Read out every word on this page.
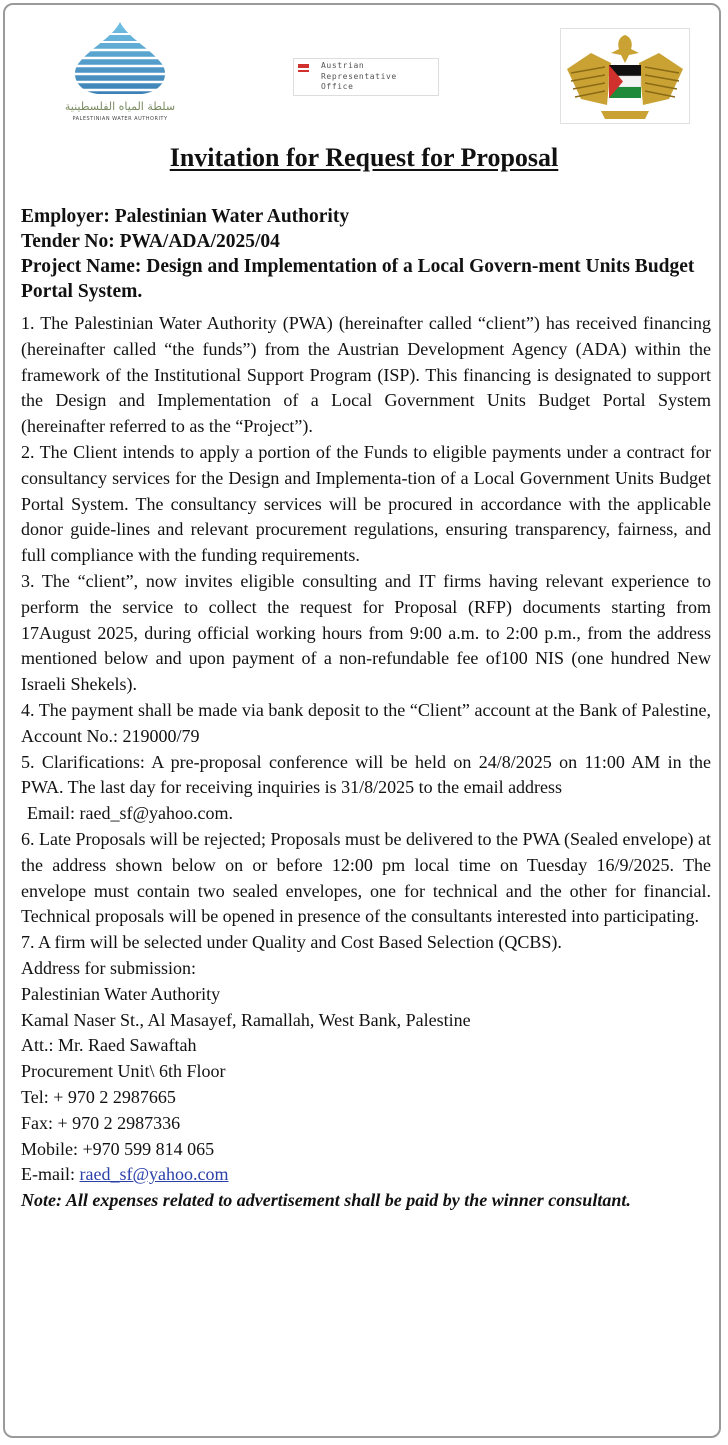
سلطة المياه الفلسطينية
PALESTINIAN WATER AUTHORITY
Austrian
Representative
Office
Invitation for Request for Proposal
Employer: Palestinian Water Authority
Tender No: PWA/ADA/2025/04
Project Name: Design and Implementation of a Local Govern-ment Units Budget Portal System.

1. The Palestinian Water Authority (PWA) (hereinafter called “client”) has received financing (hereinafter called “the funds”) from the Austrian Development Agency (ADA) within the framework of the Institutional Support Program (ISP). This financing is designated to support the Design and Implementation of a Local Government Units Budget Portal System (hereinafter referred to as the “Project”).

2. The Client intends to apply a portion of the Funds to eligible payments under a contract for consultancy services for the Design and Implementa-tion of a Local Government Units Budget Portal System. The consultancy services will be procured in accordance with the applicable donor guide-lines and relevant procurement regulations, ensuring transparency, fairness, and full compliance with the funding requirements.

3. The “client”, now invites eligible consulting and IT firms having relevant experience to perform the service to collect the request for Proposal (RFP) documents starting from 17August 2025, during official working hours from 9:00 a.m. to 2:00 p.m., from the address mentioned below and upon payment of a non-refundable fee of100 NIS (one hundred New Israeli Shekels).

4. The payment shall be made via bank deposit to the “Client” account at the Bank of Palestine, Account No.: 219000/79

5. Clarifications: A pre-proposal conference will be held on 24/8/2025 on 11:00 AM in the PWA. The last day for receiving inquiries is 31/8/2025 to the email address

Email: raed_sf@yahoo.com.

6. Late Proposals will be rejected; Proposals must be delivered to the PWA (Sealed envelope) at the address shown below on or before 12:00 pm local time on Tuesday 16/9/2025. The envelope must contain two sealed envelopes, one for technical and the other for financial. Technical proposals will be opened in presence of the consultants interested into participating.

7. A firm will be selected under Quality and Cost Based Selection (QCBS).

Address for submission:

Palestinian Water Authority

Kamal Naser St., Al Masayef, Ramallah, West Bank, Palestine

Att.: Mr. Raed Sawaftah

Procurement Unit\ 6th Floor

Tel: + 970 2 2987665

Fax: + 970 2 2987336

Mobile: +970 599 814 065

E-mail: raed_sf@yahoo.com

Note: All expenses related to advertisement shall be paid by the winner consultant.
